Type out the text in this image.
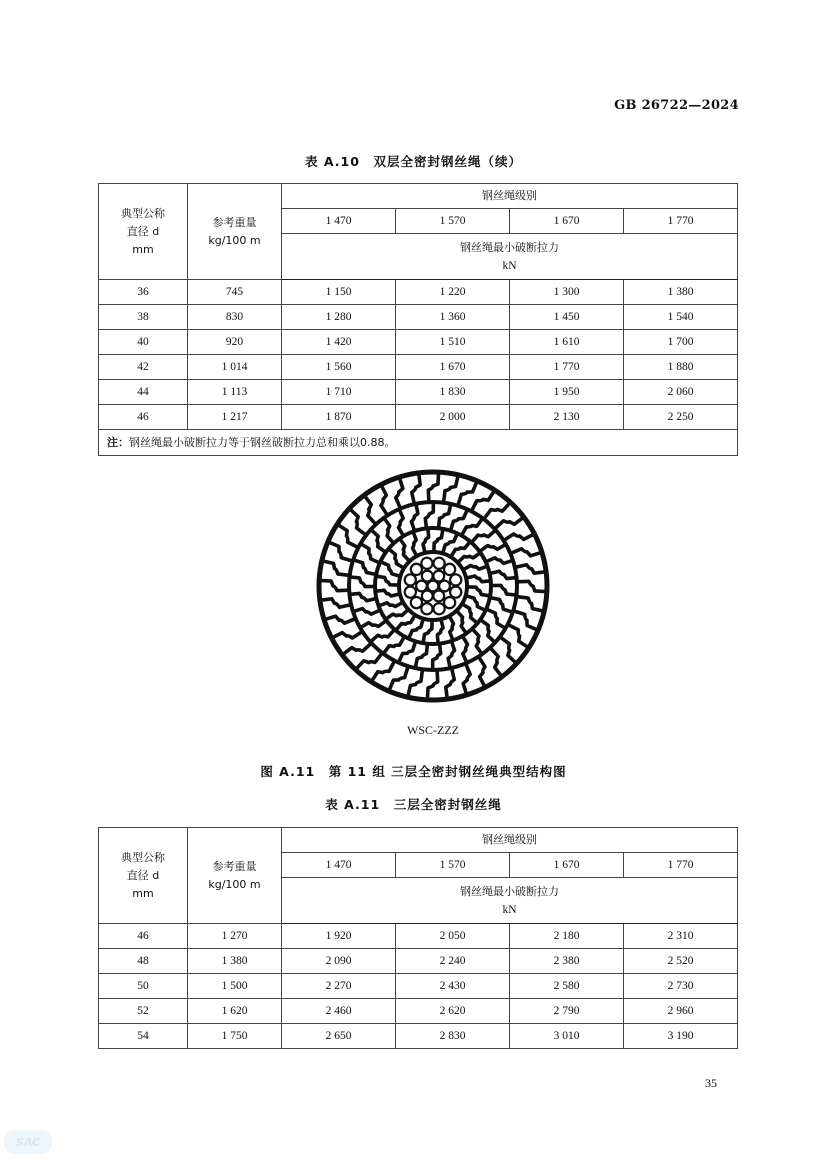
GB 26722—2024
表 A.10　双层全密封钢丝绳（续）
典型公称
直径 d
mm	参考重量
kg/100 m	钢丝绳级别			
		1 470	1 570	1 670	1 770

		钢丝绳最小破断拉力
kN			

36	745	1 150	1 220	1 300	1 380
38	830	1 280	1 360	1 450	1 540
40	920	1 420	1 510	1 610	1 700
42	1 014	1 560	1 670	1 770	1 880
44	1 113	1 710	1 830	1 950	2 060
46	1 217	1 870	2 000	2 130	2 250
注：钢丝绳最小破断拉力等于钢丝破断拉力总和乘以0.88。					
WSC-ZZZ
图 A.11　第 11 组 三层全密封钢丝绳典型结构图
表 A.11　三层全密封钢丝绳
典型公称
直径 d
mm	参考重量
kg/100 m	钢丝绳级别			
		1 470	1 570	1 670	1 770

		钢丝绳最小破断拉力
kN			

46	1 270	1 920	2 050	2 180	2 310
48	1 380	2 090	2 240	2 380	2 520
50	1 500	2 270	2 430	2 580	2 730
52	1 620	2 460	2 620	2 790	2 960
54	1 750	2 650	2 830	3 010	3 190
35
SAC
